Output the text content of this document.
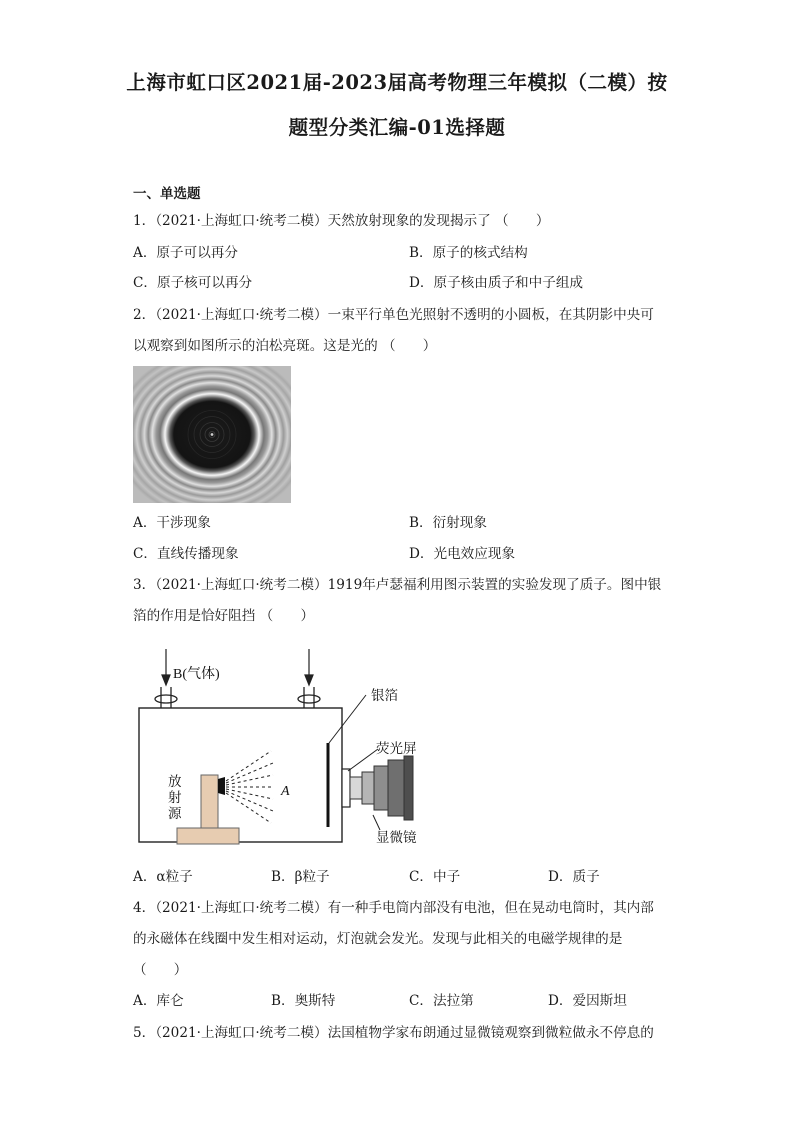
上海市虹口区2021届-2023届高考物理三年模拟（二模）按
题型分类汇编-01选择题
一、单选题
1．（2021·上海虹口·统考二模）天然放射现象的发现揭示了 （　　）
A．原子可以再分	B．原子的核式结构
C．原子核可以再分	D．原子核由质子和中子组成
2．（2021·上海虹口·统考二模）一束平行单色光照射不透明的小圆板，在其阴影中央可
以观察到如图所示的泊松亮斑。这是光的 （　　）
A．干涉现象	B．衍射现象
C．直线传播现象	D．光电效应现象
3．（2021·上海虹口·统考二模）1919年卢瑟福利用图示装置的实验发现了质子。图中银
箔的作用是恰好阻挡 （　　）
B(气体)
银箔
荧光屏
放
射
源
A
显微镜
A．α粒子	B．β粒子	C．中子	D．质子
4．（2021·上海虹口·统考二模）有一种手电筒内部没有电池，但在晃动电筒时，其内部
的永磁体在线圈中发生相对运动，灯泡就会发光。发现与此相关的电磁学规律的是
（　　）
A．库仑	B．奥斯特	C．法拉第	D．爱因斯坦
5．（2021·上海虹口·统考二模）法国植物学家布朗通过显微镜观察到微粒做永不停息的
